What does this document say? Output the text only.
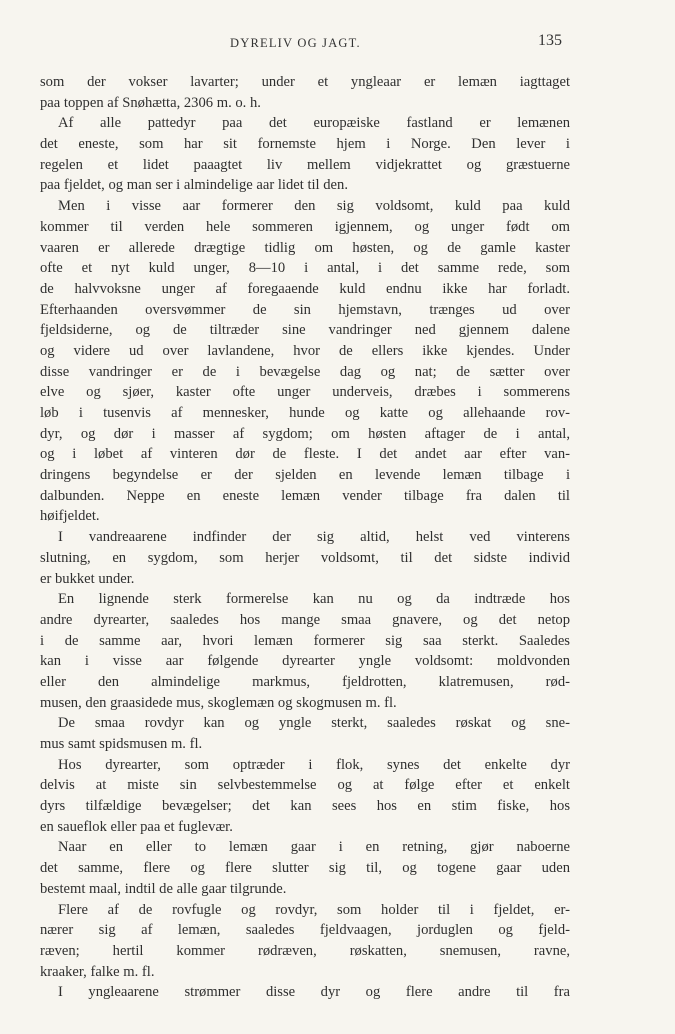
DYRELIV OG JAGT.	135
som der vokser lavarter; under et yngleaar er lemæn iagttaget
paa toppen af Snøhætta, 2306 m. o. h.
Af alle pattedyr paa det europæiske fastland er lemænen
det eneste, som har sit fornemste hjem i Norge. Den lever i
regelen et lidet paaagtet liv mellem vidjekrattet og græstuerne
paa fjeldet, og man ser i almindelige aar lidet til den.
Men i visse aar formerer den sig voldsomt, kuld paa kuld
kommer til verden hele sommeren igjennem, og unger født om
vaaren er allerede drægtige tidlig om høsten, og de gamle kaster
ofte et nyt kuld unger, 8—10 i antal, i det samme rede, som
de halvvoksne unger af foregaaende kuld endnu ikke har forladt.
Efterhaanden oversvømmer de sin hjemstavn, trænges ud over
fjeldsiderne, og de tiltræder sine vandringer ned gjennem dalene
og videre ud over lavlandene, hvor de ellers ikke kjendes. Under
disse vandringer er de i bevægelse dag og nat; de sætter over
elve og sjøer, kaster ofte unger underveis, dræbes i sommerens
løb i tusenvis af mennesker, hunde og katte og allehaande rov-
dyr, og dør i masser af sygdom; om høsten aftager de i antal,
og i løbet af vinteren dør de fleste. I det andet aar efter van-
dringens begyndelse er der sjelden en levende lemæn tilbage i
dalbunden. Neppe en eneste lemæn vender tilbage fra dalen til
høifjeldet.
I vandreaarene indfinder der sig altid, helst ved vinterens
slutning, en sygdom, som herjer voldsomt, til det sidste individ
er bukket under.
En lignende sterk formerelse kan nu og da indtræde hos
andre dyrearter, saaledes hos mange smaa gnavere, og det netop
i de samme aar, hvori lemæn formerer sig saa sterkt. Saaledes
kan i visse aar følgende dyrearter yngle voldsomt: moldvonden
eller den almindelige markmus, fjeldrotten, klatremusen, rød-
musen, den graasidede mus, skoglemæn og skogmusen m. fl.
De smaa rovdyr kan og yngle sterkt, saaledes røskat og sne-
mus samt spidsmusen m. fl.
Hos dyrearter, som optræder i flok, synes det enkelte dyr
delvis at miste sin selvbestemmelse og at følge efter et enkelt
dyrs tilfældige bevægelser; det kan sees hos en stim fiske, hos
en saueflok eller paa et fuglevær.
Naar en eller to lemæn gaar i en retning, gjør naboerne
det samme, flere og flere slutter sig til, og togene gaar uden
bestemt maal, indtil de alle gaar tilgrunde.
Flere af de rovfugle og rovdyr, som holder til i fjeldet, er-
nærer sig af lemæn, saaledes fjeldvaagen, jorduglen og fjeld-
ræven; hertil kommer rødræven, røskatten, snemusen, ravne,
kraaker, falke m. fl.
I yngleaarene strømmer disse dyr og flere andre til fra
